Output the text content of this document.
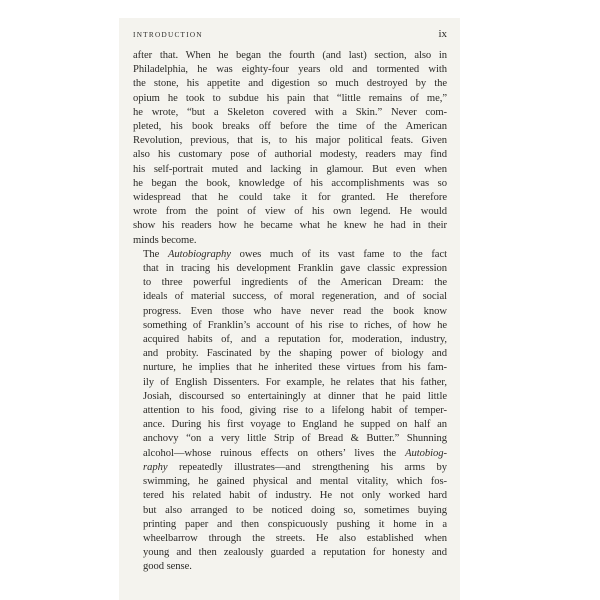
INTRODUCTION	ix

after that. When he began the fourth (and last) section, also in
Philadelphia, he was eighty-four years old and tormented with
the stone, his appetite and digestion so much destroyed by the
opium he took to subdue his pain that “little remains of me,”
he wrote, “but a Skeleton covered with a Skin.” Never com-
pleted, his book breaks off before the time of the American
Revolution, previous, that is, to his major political feats. Given
also his customary pose of authorial modesty, readers may find
his self-portrait muted and lacking in glamour. But even when
he began the book, knowledge of his accomplishments was so
widespread that he could take it for granted. He therefore
wrote from the point of view of his own legend. He would
show his readers how he became what he knew he had in their
minds become.

The Autobiography owes much of its vast fame to the fact
that in tracing his development Franklin gave classic expression
to three powerful ingredients of the American Dream: the
ideals of material success, of moral regeneration, and of social
progress. Even those who have never read the book know
something of Franklin’s account of his rise to riches, of how he
acquired habits of, and a reputation for, moderation, industry,
and probity. Fascinated by the shaping power of biology and
nurture, he implies that he inherited these virtues from his fam-
ily of English Dissenters. For example, he relates that his father,
Josiah, discoursed so entertainingly at dinner that he paid little
attention to his food, giving rise to a lifelong habit of temper-
ance. During his first voyage to England he supped on half an
anchovy “on a very little Strip of Bread & Butter.” Shunning
alcohol—whose ruinous effects on others’ lives the Autobiog-
raphy repeatedly illustrates—and strengthening his arms by
swimming, he gained physical and mental vitality, which fos-
tered his related habit of industry. He not only worked hard
but also arranged to be noticed doing so, sometimes buying
printing paper and then conspicuously pushing it home in a
wheelbarrow through the streets. He also established when
young and then zealously guarded a reputation for honesty and
good sense.
